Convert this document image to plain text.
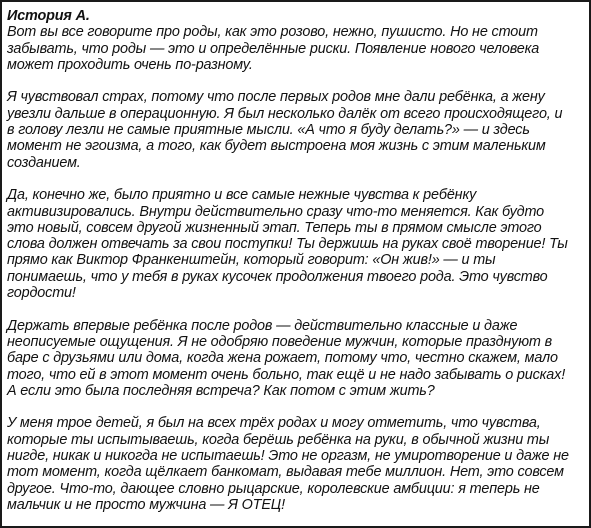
История А.
Вот вы все говорите про роды, как это розово, нежно, пушисто. Но не стоит
забывать, что роды — это и определённые риски. Появление нового человека
может проходить очень по-разному.
Я чувствовал страх, потому что после первых родов мне дали ребёнка, а жену
увезли дальше в операционную. Я был несколько далёк от всего происходящего, и
в голову лезли не самые приятные мысли. «А что я буду делать?» — и здесь
момент не эгоизма, а того, как будет выстроена моя жизнь с этим маленьким
созданием.
Да, конечно же, было приятно и все самые нежные чувства к ребёнку
активизировались. Внутри действительно сразу что-то меняется. Как будто
это новый, совсем другой жизненный этап. Теперь ты в прямом смысле этого
слова должен отвечать за свои поступки! Ты держишь на руках своё творение! Ты
прямо как Виктор Франкенштейн, который говорит: «Он жив!» — и ты
понимаешь, что у тебя в руках кусочек продолжения твоего рода. Это чувство
гордости!
Держать впервые ребёнка после родов — действительно классные и даже
неописуемые ощущения. Я не одобряю поведение мужчин, которые празднуют в
баре с друзьями или дома, когда жена рожает, потому что, честно скажем, мало
того, что ей в этот момент очень больно, так ещё и не надо забывать о рисках!
А если это была последняя встреча? Как потом с этим жить?
У меня трое детей, я был на всех трёх родах и могу отметить, что чувства,
которые ты испытываешь, когда берёшь ребёнка на руки, в обычной жизни ты
нигде, никак и никогда не испытаешь! Это не оргазм, не умиротворение и даже не
тот момент, когда щёлкает банкомат, выдавая тебе миллион. Нет, это совсем
другое. Что-то, дающее словно рыцарские, королевские амбиции: я теперь не
мальчик и не просто мужчина — Я ОТЕЦ!
